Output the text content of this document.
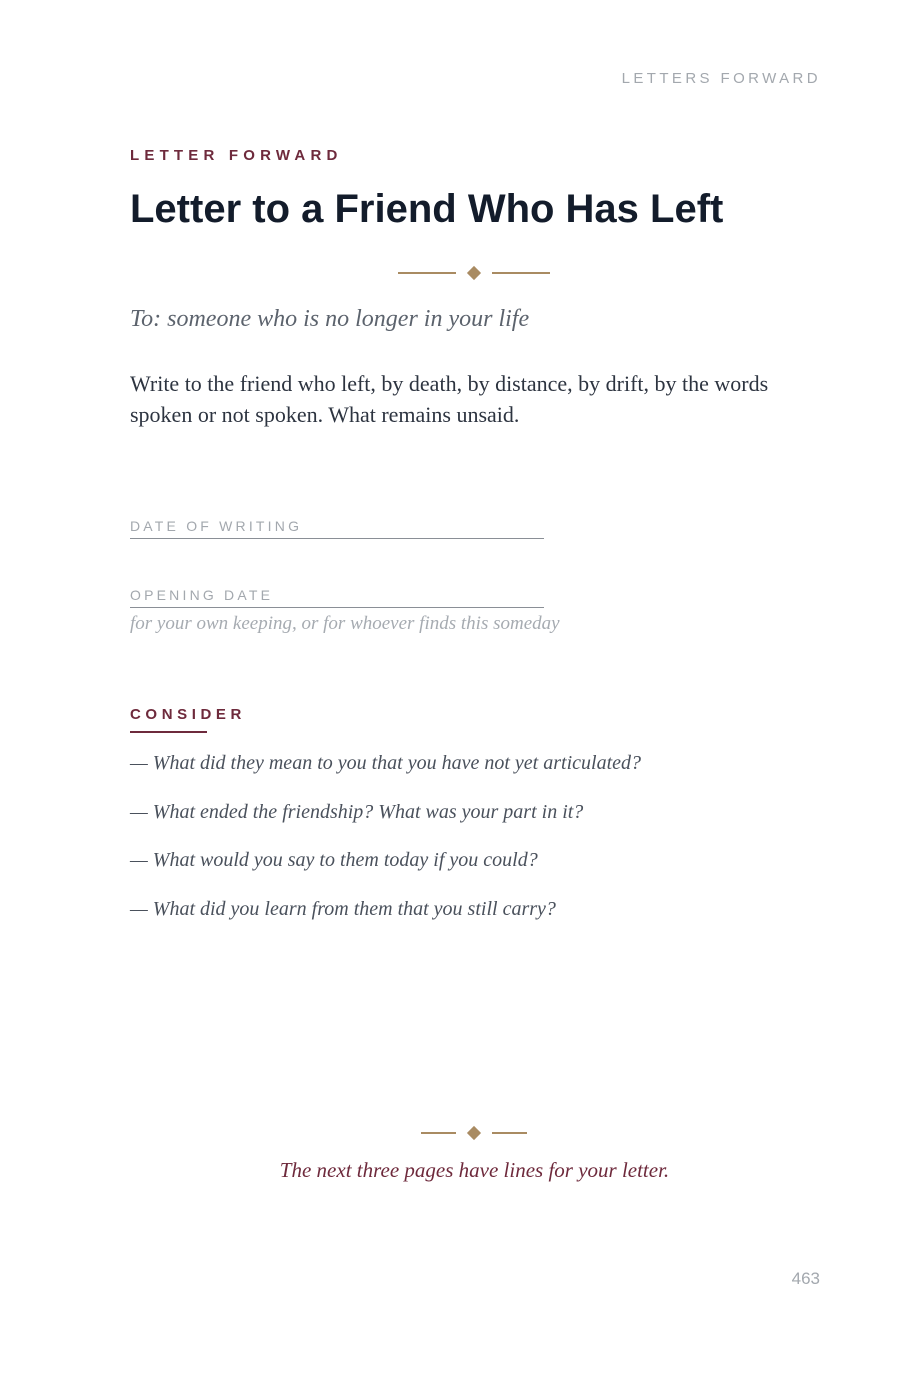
LETTERS FORWARD
LETTER FORWARD
Letter to a Friend Who Has Left
To: someone who is no longer in your life

Write to the friend who left, by death, by distance, by drift, by the words spoken or not spoken. What remains unsaid.

DATE OF WRITING
OPENING DATE
for your own keeping, or for whoever finds this someday
CONSIDER
— What did they mean to you that you have not yet articulated?
— What ended the friendship? What was your part in it?
— What would you say to them today if you could?
— What did you learn from them that you still carry?
The next three pages have lines for your letter.
463
